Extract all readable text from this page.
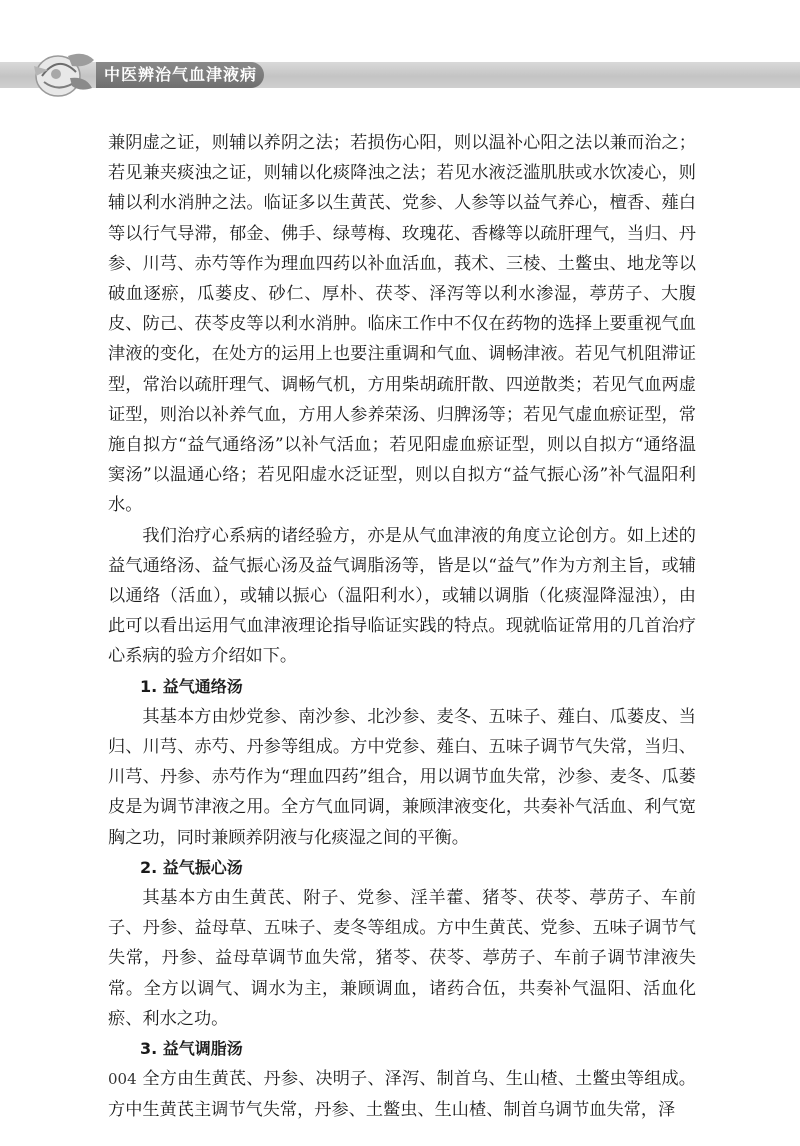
中医辨治气血津液病

兼阴虚之证，则辅以养阴之法；若损伤心阳，则以温补心阳之法以兼而治之；若见兼夹痰浊之证，则辅以化痰降浊之法；若见水液泛滥肌肤或水饮凌心，则辅以利水消肿之法。临证多以生黄芪、党参、人参等以益气养心，檀香、薤白等以行气导滞，郁金、佛手、绿萼梅、玫瑰花、香橼等以疏肝理气，当归、丹参、川芎、赤芍等作为理血四药以补血活血，莪术、三棱、土鳖虫、地龙等以破血逐瘀，瓜蒌皮、砂仁、厚朴、茯苓、泽泻等以利水渗湿，葶苈子、大腹皮、防己、茯苓皮等以利水消肿。临床工作中不仅在药物的选择上要重视气血津液的变化，在处方的运用上也要注重调和气血、调畅津液。若见气机阻滞证型，常治以疏肝理气、调畅气机，方用柴胡疏肝散、四逆散类；若见气血两虚证型，则治以补养气血，方用人参养荣汤、归脾汤等；若见气虚血瘀证型，常施自拟方“益气通络汤”以补气活血；若见阳虚血瘀证型，则以自拟方“通络温窦汤”以温通心络；若见阳虚水泛证型，则以自拟方“益气振心汤”补气温阳利水。

我们治疗心系病的诸经验方，亦是从气血津液的角度立论创方。如上述的益气通络汤、益气振心汤及益气调脂汤等，皆是以“益气”作为方剂主旨，或辅以通络（活血），或辅以振心（温阳利水），或辅以调脂（化痰湿降湿浊），由此可以看出运用气血津液理论指导临证实践的特点。现就临证常用的几首治疗心系病的验方介绍如下。

1. 益气通络汤

其基本方由炒党参、南沙参、北沙参、麦冬、五味子、薤白、瓜蒌皮、当归、川芎、赤芍、丹参等组成。方中党参、薤白、五味子调节气失常，当归、川芎、丹参、赤芍作为“理血四药”组合，用以调节血失常，沙参、麦冬、瓜蒌皮是为调节津液之用。全方气血同调，兼顾津液变化，共奏补气活血、利气宽胸之功，同时兼顾养阴液与化痰湿之间的平衡。

2. 益气振心汤

其基本方由生黄芪、附子、党参、淫羊藿、猪苓、茯苓、葶苈子、车前子、丹参、益母草、五味子、麦冬等组成。方中生黄芪、党参、五味子调节气失常，丹参、益母草调节血失常，猪苓、茯苓、葶苈子、车前子调节津液失常。全方以调气、调水为主，兼顾调血，诸药合伍，共奏补气温阳、活血化瘀、利水之功。

3. 益气调脂汤

全方由生黄芪、丹参、决明子、泽泻、制首乌、生山楂、土鳖虫等组成。方中生黄芪主调节气失常，丹参、土鳖虫、生山楂、制首乌调节血失常，泽

004
